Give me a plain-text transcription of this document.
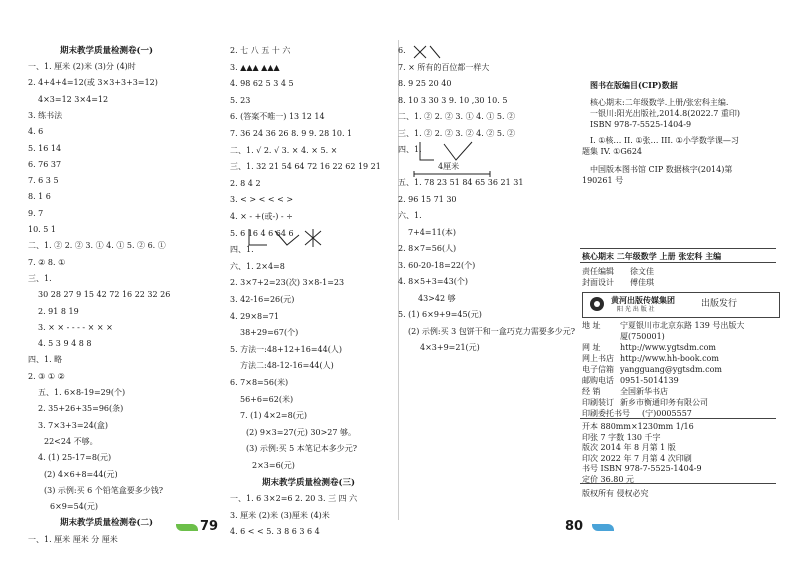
期末教学质量检测卷(一)
一、1. 厘米 (2)米 (3)分 (4)时
2. 4+4+4=12(或 3×3+3+3=12)
4×3=12 3×4=12
3. 练书法
4. 6
5. 16 14
6. 76 37
7. 6 3 5
8. 1 6
9. 7
10. 5 1
二、1. ② 2. ② 3. ① 4. ① 5. ② 6. ①
7. ② 8. ①
三、1.
30 28 27 9 15 42 72 16 22 32 26
2. 91 8 19
3. × × - - - - × × ×
4. 5 3 9 4 8 8
四、1. 略
2. ③ ① ②
五、1. 6×8-19=29(个)
2. 35+26+35=96(条)
3. 7×3+3=24(盒)
22<24 不够。
4. (1) 25-17=8(元)
(2) 4×6+8=44(元)
(3) 示例:买 6 个铅笔盒要多少钱?
6×9=54(元)
期末教学质量检测卷(二)
一、1. 厘米 厘米 分 厘米
2. 七 八 五 十 六
3. ▲▲▲ ▲▲▲
4. 98 62 5 3 4 5
5. 23
6. (答案不唯一) 13 12 14
7. 36 24 36 26 8. 9 9. 28 10. 1
二、1. √ 2. √ 3. × 4. × 5. ×
三、1. 32 21 54 64 72 16 22 62 19 21
2. 8 4 2
3. < > < < < >
4. × - +(或-) - ÷
5. 6 16 4 6 64 6
四、1.
六、1. 2×4=8
2. 3×7+2=23(次) 3×8-1=23
3. 42-16=26(元)
4. 29×8=71
38+29=67(个)
5. 方法一:48+12+16=44(人)
方法二:48-12-16=44(人)
6. 7×8=56(米)
56+6=62(米)
7. (1) 4×2=8(元)
(2) 9×3=27(元) 30>27 够。
(3) 示例:买 5 本笔记本多少元?
2×3=6(元)
期末教学质量检测卷(三)
一、1. 6 3×2=6 2. 20 3. 三 四 六
3. 厘米 (2)米 (3)厘米 (4)米
4. 6 < < 5. 3 8 6 3 6 4
79
6.
7. × 所有的百位都一样大
8. 9 25 20 40
8. 10 3 30 3 9. 10 ,30 10. 5
二、1. ② 2. ② 3. ① 4. ① 5. ②
三、1. ② 2. ② 3. ② 4. ② 5. ②
四、1.
4厘米
五、1. 78 23 51 84 65 36 21 31
2. 96 15 71 30
六、1.
7+4=11(本)
2. 8×7=56(人)
3. 60-20-18=22(个)
4. 8×5+3=43(个)
43>42 够
5. (1) 6×9+9=45(元)
(2) 示例:买 3 包饼干和一盒巧克力需要多少元?
4×3+9=21(元)
图书在版编目(CIP)数据
核心期末:二年级数学.上册/张宏科主编.
一银川:阳光出版社,2014.8(2022.7 重印)
ISBN 978-7-5525-1404-9
I. ①核… II. ①张… III. ①小学数学课—习
题集 IV. ①G624
中国版本图书馆 CIP 数据核字(2014)第
190261 号
核心期末 二年级数学 上册 张宏科 主编
责任编辑 徐文佳
封面设计 傅佳琪
黄河出版传媒集团
阳 光 出 版 社
出版发行
地 址 宁夏银川市北京东路 139 号出版大
厦(750001)
网 址 http://www.ygtsdm.com
网上书店 http://www.hh-book.com
电子信箱 yangguang@ygtsdm.com
邮购电话 0951-5014139
经 销 全国新华书店
印刷装订 新乡市衡通印务有限公司
印刷委托书号 (宁)0005557
开本 880mm×1230mm 1/16
印张 7 字数 130 千字
版次 2014 年 8 月第 1 版
印次 2022 年 7 月第 4 次印刷
书号 ISBN 978-7-5525-1404-9
定价 36.80 元
版权所有 侵权必究
80
